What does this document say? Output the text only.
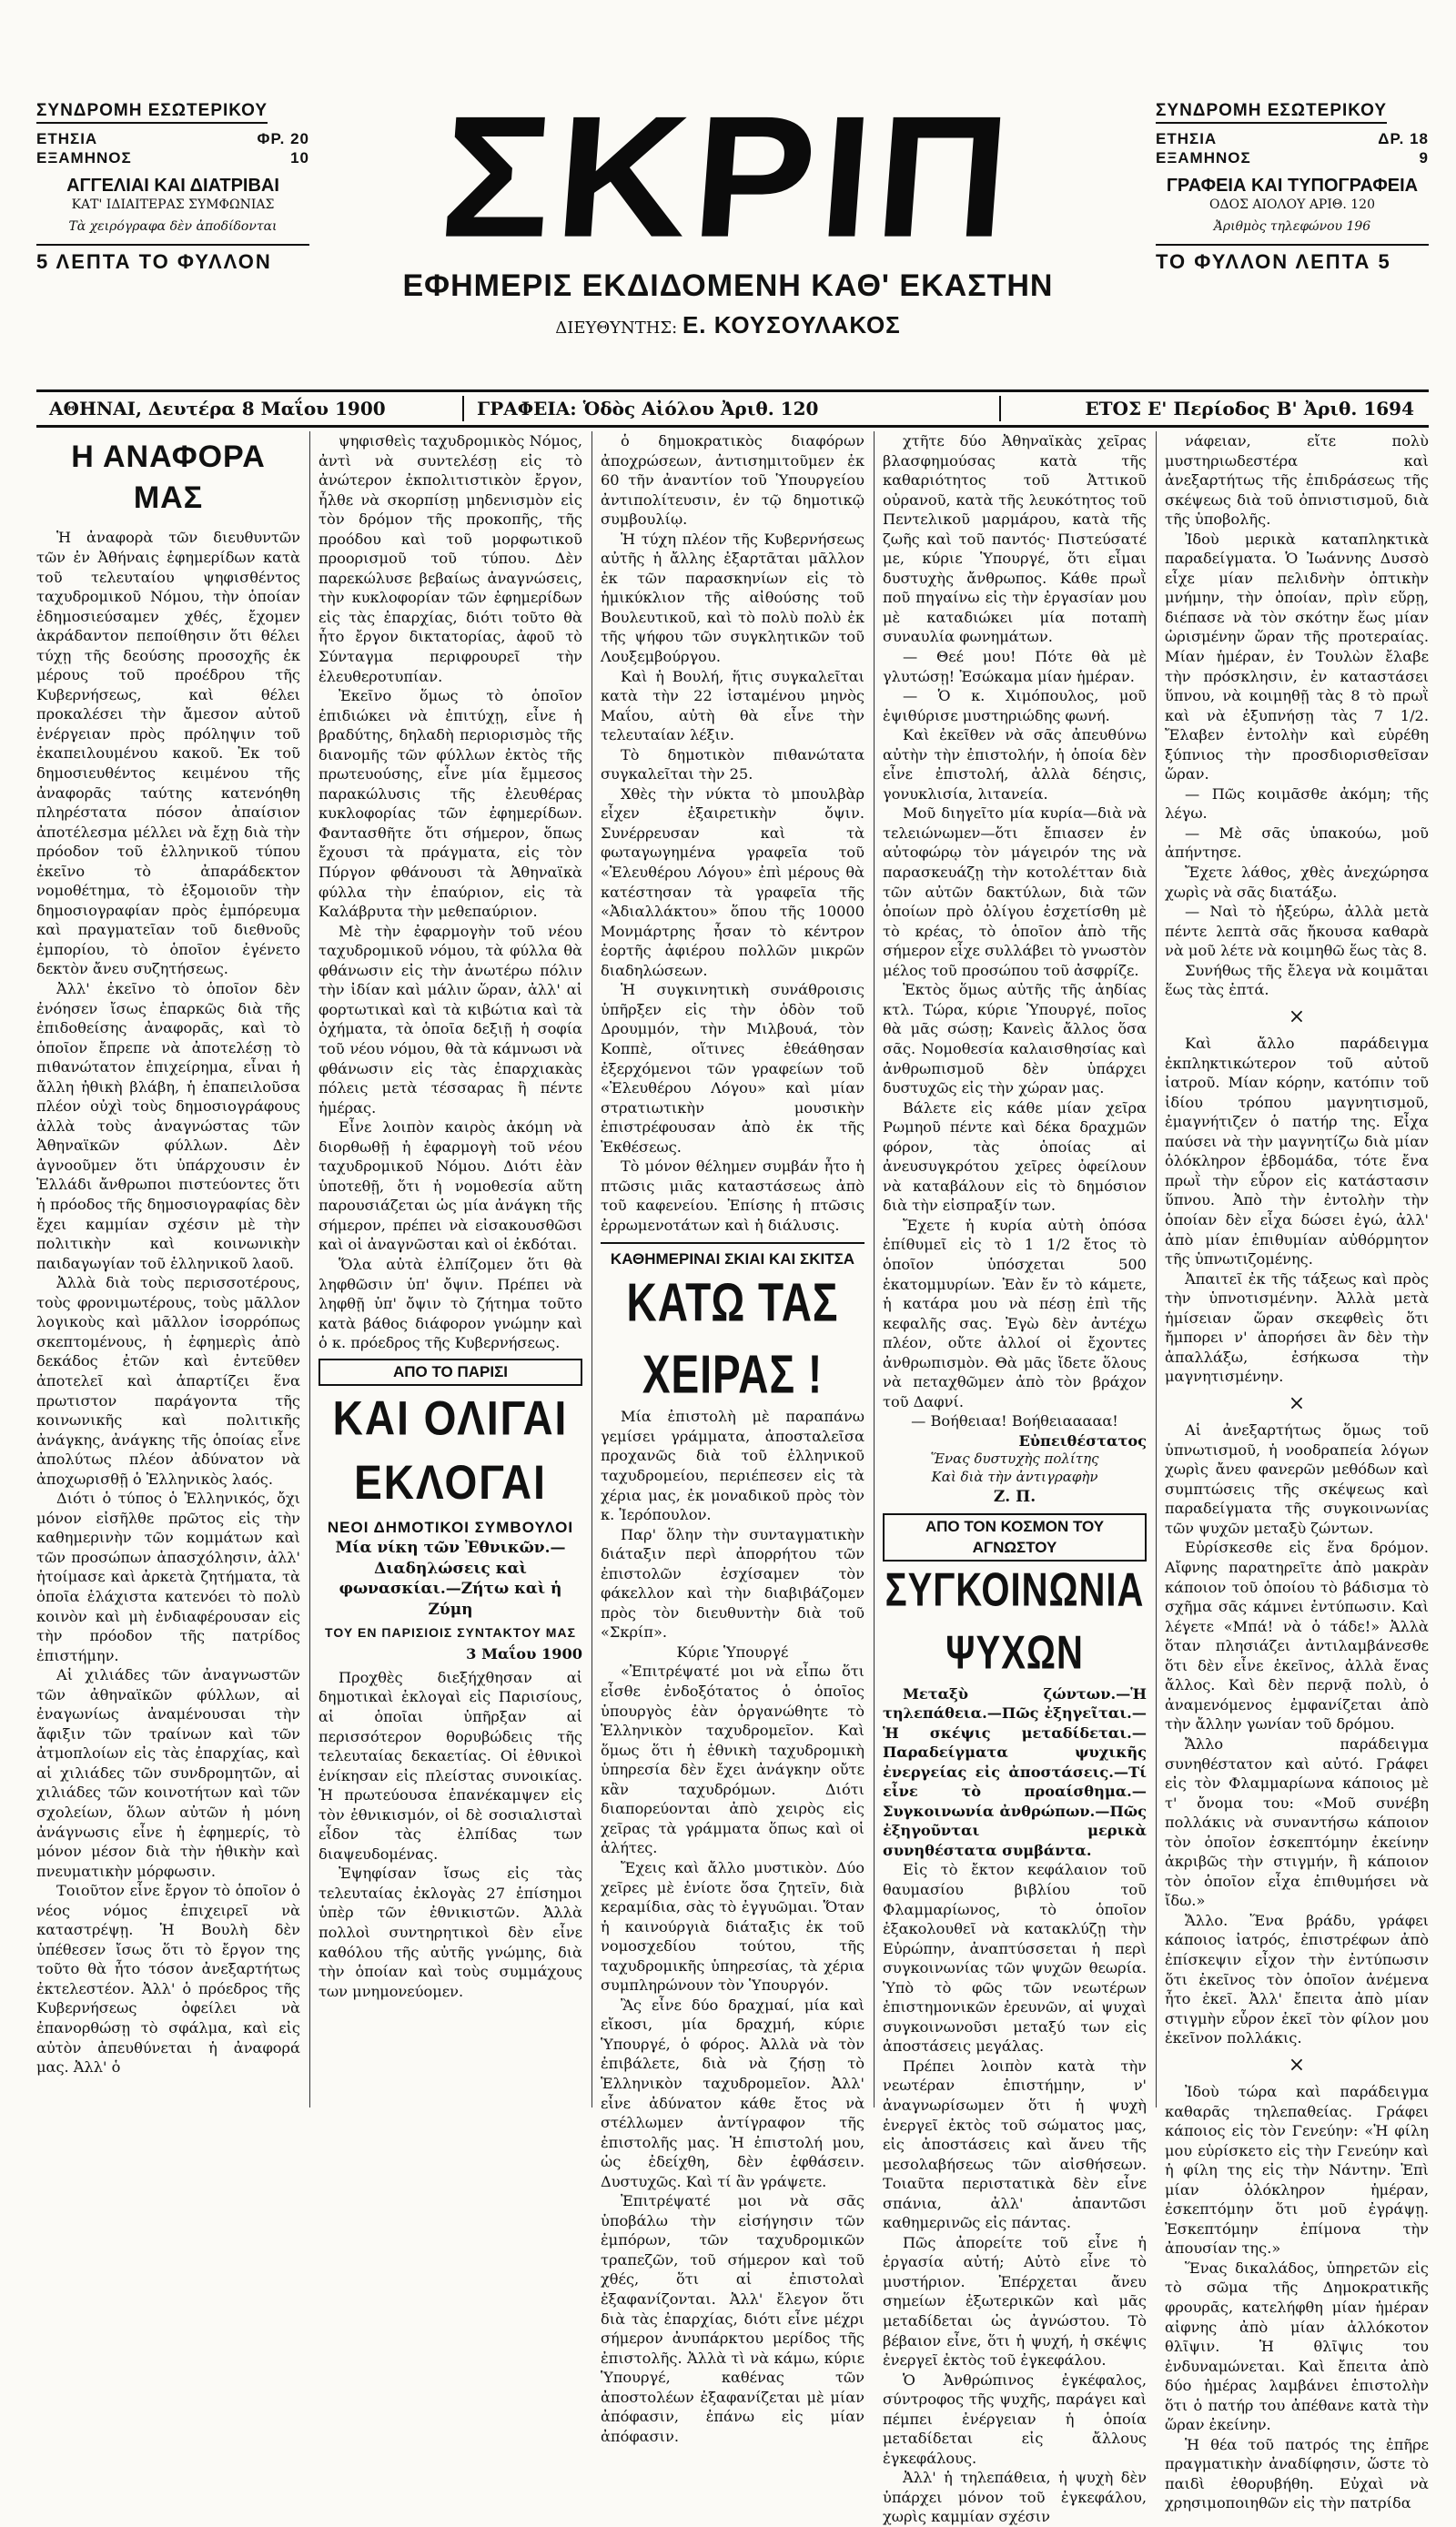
ΣΥΝΔΡΟΜΗ ΕΣΩΤΕΡΙΚΟΥ
ΕΤΗΣΙΑ	ΦΡ. 20
ΕΞΑΜΗΝΟΣ	10
ΑΓΓΕΛΙΑΙ ΚΑΙ ΔΙΑΤΡΙΒΑΙ
ΚΑΤ' ΙΔΙΑΙΤΕΡΑΣ ΣΥΜΦΩΝΙΑΣ
Τὰ χειρόγραφα δὲν ἀποδίδονται
5 ΛΕΠΤΑ ΤΟ ΦΥΛΛΟΝ ΣΚΡΙΠ
ΕΦΗΜΕΡΙΣ ΕΚΔΙΔΟΜΕΝΗ ΚΑΘ' ΕΚΑΣΤΗΝ
ΔΙΕΥΘΥΝΤΗΣ: Ε. ΚΟΥΣΟΥΛΑΚΟΣ
ΣΥΝΔΡΟΜΗ ΕΣΩΤΕΡΙΚΟΥ
ΕΤΗΣΙΑ	ΔΡ. 18
ΕΞΑΜΗΝΟΣ	9
ΓΡΑΦΕΙΑ ΚΑΙ ΤΥΠΟΓΡΑΦΕΙΑ
ΟΔΟΣ ΑΙΟΛΟΥ ΑΡΙΘ. 120
Ἀριθμὸς τηλεφώνου 196
ΤΟ ΦΥΛΛΟΝ ΛΕΠΤΑ 5
ΑΘΗΝΑΙ, Δευτέρα 8 Μαΐου 1900	ΓΡΑΦΕΙΑ: Ὁδὸς Αἰόλου Ἀριθ. 120	ΕΤΟΣ Ε' Περίοδος Β' Ἀριθ. 1694
Η ΑΝΑΦΟΡΑ ΜΑΣ

Ἡ ἀναφορὰ τῶν διευθυντῶν τῶν ἐν Ἀθήναις ἐφημερίδων κατὰ τοῦ τελευταίου ψηφισθέντος ταχυδρομικοῦ Νόμου, τὴν ὁποίαν ἐδημοσιεύσαμεν χθές, ἔχομεν ἀκράδαντον πεποίθησιν ὅτι θέλει τύχῃ τῆς δεούσης προσοχῆς ἐκ μέρους τοῦ προέδρου τῆς Κυβερνήσεως, καὶ θέλει προκαλέσει τὴν ἄμεσον αὐτοῦ ἐνέργειαν πρὸς πρόληψιν τοῦ ἐκαπειλουμένου κακοῦ. Ἐκ τοῦ δημοσιευθέντος κειμένου τῆς ἀναφορᾶς ταύτης κατενόηθη πληρέστατα πόσον ἀπαίσιον ἀποτέλεσμα μέλλει νὰ ἔχῃ διὰ τὴν πρόοδον τοῦ ἑλληνικοῦ τύπου ἐκεῖνο τὸ ἀπαράδεκτον νομοθέτημα, τὸ ἐξομοιοῦν τὴν δημοσιογραφίαν πρὸς ἐμπόρευμα καὶ πραγματεῖαν τοῦ διεθνοῦς ἐμπορίου, τὸ ὁποῖον ἐγένετο δεκτὸν ἄνευ συζητήσεως.

Ἀλλ' ἐκεῖνο τὸ ὁποῖον δὲν ἐνόησεν ἴσως ἐπαρκῶς διὰ τῆς ἐπιδοθείσης ἀναφορᾶς, καὶ τὸ ὁποῖον ἔπρεπε νὰ ἀποτελέσῃ τὸ πιθανώτατον ἐπιχείρημα, εἶναι ἡ ἄλλη ἠθικὴ βλάβη, ἡ ἐπαπειλοῦσα πλέον οὐχὶ τοὺς δημοσιογράφους ἀλλὰ τοὺς ἀναγνώστας τῶν Ἀθηναϊκῶν φύλλων. Δὲν ἀγνοοῦμεν ὅτι ὑπάρχουσιν ἐν Ἑλλάδι ἄνθρωποι πιστεύοντες ὅτι ἡ πρόοδος τῆς δημοσιογραφίας δὲν ἔχει καμμίαν σχέσιν μὲ τὴν πολιτικὴν καὶ κοινωνικὴν παιδαγωγίαν τοῦ ἑλληνικοῦ λαοῦ.

Ἀλλὰ διὰ τοὺς περισσοτέρους, τοὺς φρονιμωτέρους, τοὺς μᾶλλον λογικοὺς καὶ μᾶλλον ἰσορρόπως σκεπτομένους, ἡ ἐφημερὶς ἀπὸ δεκάδος ἐτῶν καὶ ἐντεῦθεν ἀποτελεῖ καὶ ἀπαρτίζει ἕνα πρωτιστον παράγοντα τῆς κοινωνικῆς καὶ πολιτικῆς ἀνάγκης, ἀνάγκης τῆς ὁποίας εἶνε ἀπολύτως πλέον ἀδύνατον νὰ ἀποχωρισθῇ ὁ Ἑλληνικὸς λαός.

Διότι ὁ τύπος ὁ Ἑλληνικός, ὄχι μόνον εἰσῆλθε πρῶτος εἰς τὴν καθημερινὴν τῶν κομμάτων καὶ τῶν προσώπων ἀπασχόλησιν, ἀλλ' ἠτοίμασε καὶ ἀρκετὰ ζητήματα, τὰ ὁποῖα ἐλάχιστα κατενόει τὸ πολὺ κοινὸν καὶ μὴ ἐνδιαφέρουσαν εἰς τὴν πρόοδον τῆς πατρίδος ἐπιστήμην.

Αἱ χιλιάδες τῶν ἀναγνωστῶν τῶν ἀθηναϊκῶν φύλλων, αἱ ἐναγωνίως ἀναμένουσαι τὴν ἄφιξιν τῶν τραίνων καὶ τῶν ἀτμοπλοίων εἰς τὰς ἐπαρχίας, καὶ αἱ χιλιάδες τῶν συνδρομητῶν, αἱ χιλιάδες τῶν κοινοτήτων καὶ τῶν σχολείων, ὅλων αὐτῶν ἡ μόνη ἀνάγνωσις εἶνε ἡ ἐφημερίς, τὸ μόνον μέσον διὰ τὴν ἠθικὴν καὶ πνευματικὴν μόρφωσιν.

Τοιοῦτον εἶνε ἔργον τὸ ὁποῖον ὁ νέος νόμος ἐπιχειρεῖ νὰ καταστρέψῃ. Ἡ Βουλὴ δὲν ὑπέθεσεν ἴσως ὅτι τὸ ἔργον της τοῦτο θὰ ἦτο τόσον ἀνεξαρτήτως ἐκτελεστέον. Ἀλλ' ὁ πρόεδρος τῆς Κυβερνήσεως ὀφείλει νὰ ἐπανορθώσῃ τὸ σφάλμα, καὶ εἰς αὐτὸν ἀπευθύνεται ἡ ἀναφορά μας. Ἀλλ' ὁ

ψηφισθεὶς ταχυδρομικὸς Νόμος, ἀντὶ νὰ συντελέσῃ εἰς τὸ ἀνώτερον ἐκπολιτιστικὸν ἔργον, ἦλθε νὰ σκορπίσῃ μηδενισμὸν εἰς τὸν δρόμον τῆς προκοπῆς, τῆς προόδου καὶ τοῦ μορφωτικοῦ προορισμοῦ τοῦ τύπου. Δὲν παρεκώλυσε βεβαίως ἀναγνώσεις, τὴν κυκλοφορίαν τῶν ἐφημερίδων εἰς τὰς ἐπαρχίας, διότι τοῦτο θὰ ἦτο ἔργον δικτατορίας, ἀφοῦ τὸ Σύνταγμα περιφρουρεῖ τὴν ἐλευθεροτυπίαν.

Ἐκεῖνο ὅμως τὸ ὁποῖον ἐπιδιώκει νὰ ἐπιτύχῃ, εἶνε ἡ βραδύτης, δηλαδὴ περιορισμὸς τῆς διανομῆς τῶν φύλλων ἐκτὸς τῆς πρωτευούσης, εἶνε μία ἔμμεσος παρακώλυσις τῆς ἐλευθέρας κυκλοφορίας τῶν ἐφημερίδων. Φαντασθῆτε ὅτι σήμερον, ὅπως ἔχουσι τὰ πράγματα, εἰς τὸν Πύργον φθάνουσι τὰ Ἀθηναϊκὰ φύλλα τὴν ἐπαύριον, εἰς τὰ Καλάβρυτα τὴν μεθεπαύριον.

Μὲ τὴν ἐφαρμογὴν τοῦ νέου ταχυδρομικοῦ νόμου, τὰ φύλλα θὰ φθάνωσιν εἰς τὴν ἀνωτέρω πόλιν τὴν ἰδίαν καὶ μάλιν ὥραν, ἀλλ' αἱ φορτωτικαὶ καὶ τὰ κιβώτια καὶ τὰ ὀχήματα, τὰ ὁποῖα δεξιῇ ἡ σοφία τοῦ νέου νόμου, θὰ τὰ κάμνωσι νὰ φθάνωσιν εἰς τὰς ἐπαρχιακὰς πόλεις μετὰ τέσσαρας ἢ πέντε ἡμέρας.

Εἶνε λοιπὸν καιρὸς ἀκόμη νὰ διορθωθῇ ἡ ἐφαρμογὴ τοῦ νέου ταχυδρομικοῦ Νόμου. Διότι ἐὰν ὑποτεθῇ, ὅτι ἡ νομοθεσία αὕτη παρουσιάζεται ὡς μία ἀνάγκη τῆς σήμερον, πρέπει νὰ εἰσακουσθῶσι καὶ οἱ ἀναγνῶσται καὶ οἱ ἐκδόται.

Ὅλα αὐτὰ ἐλπίζομεν ὅτι θὰ ληφθῶσιν ὑπ' ὄψιν. Πρέπει νὰ ληφθῇ ὑπ' ὄψιν τὸ ζήτημα τοῦτο κατὰ βάθος διάφορον γνώμην καὶ ὁ κ. πρόεδρος τῆς Κυβερνήσεως.

ΑΠΟ ΤΟ ΠΑΡΙΣΙ
ΚΑΙ ΟΛΙΓΑΙ ΕΚΛΟΓΑΙ
ΝΕΟΙ ΔΗΜΟΤΙΚΟΙ ΣΥΜΒΟΥΛΟΙ
Μία νίκη τῶν Ἐθνικῶν.—Διαδηλώσεις καὶ φωνασκίαι.—Ζήτω καὶ ἡ Ζύμη
ΤΟΥ ΕΝ ΠΑΡΙΣΙΟΙΣ ΣΥΝΤΑΚΤΟΥ ΜΑΣ
3 Μαΐου 1900

Προχθὲς διεξήχθησαν αἱ δημοτικαὶ ἐκλογαὶ εἰς Παρισίους, αἱ ὁποῖαι ὑπῆρξαν αἱ περισσότερον θορυβώδεις τῆς τελευταίας δεκαετίας. Οἱ ἐθνικοὶ ἐνίκησαν εἰς πλείστας συνοικίας. Ἡ πρωτεύουσα ἐπανέκαμψεν εἰς τὸν ἐθνικισμόν, οἱ δὲ σοσιαλισταὶ εἶδον τὰς ἐλπίδας των διαψευδομένας.

Ἐψηφίσαν ἴσως εἰς τὰς τελευταίας ἐκλογὰς 27 ἐπίσημοι ὑπὲρ τῶν ἐθνικιστῶν. Ἀλλὰ πολλοὶ συντηρητικοὶ δὲν εἶνε καθόλου τῆς αὐτῆς γνώμης, διὰ τὴν ὁποίαν καὶ τοὺς συμμάχους των μνημονεύομεν.

ὁ δημοκρατικὸς διαφόρων ἀποχρώσεων, ἀντισημιτοῦμεν ἐκ 60 τῆν ἀναντίον τοῦ Ὑπουργείου ἀντιπολίτευσιν, ἐν τῷ δημοτικῷ συμβουλίῳ.

Ἡ τύχη πλέον τῆς Κυβερνήσεως αὐτῆς ἡ ἄλλης ἐξαρτᾶται μᾶλλον ἐκ τῶν παρασκηνίων εἰς τὸ ἡμικύκλιον τῆς αἰθούσης τοῦ Βουλευτικοῦ, καὶ τὸ πολὺ πολὺ ἐκ τῆς ψήφου τῶν συγκλητικῶν τοῦ Λουξεμβούργου.

Καὶ ἡ Βουλή, ἥτις συγκαλεῖται κατὰ τὴν 22 ἰσταμένου μηνὸς Μαΐου, αὐτὴ θὰ εἶνε τὴν τελευταίαν λέξιν.

Τὸ δημοτικὸν πιθανώτατα συγκαλεῖται τὴν 25.

Χθὲς τὴν νύκτα τὸ μπουλβὰρ εἶχεν ἐξαιρετικὴν ὄψιν. Συνέρρευσαν καὶ τὰ φωταγωγημένα γραφεῖα τοῦ «Ἐλευθέρου Λόγου» ἐπὶ μέρους θὰ κατέστησαν τὰ γραφεῖα τῆς «Ἀδιαλλάκτου» ὅπου τῆς 10000 Μονμάρτρης ἦσαν τὸ κέντρον ἑορτῆς ἀφιέρου πολλῶν μικρῶν διαδηλώσεων.

Ἡ συγκινητικὴ συνάθροισις ὑπῆρξεν εἰς τὴν ὁδὸν τοῦ Δρουμμόν, τὴν Μιλβουά, τὸν Κοππὲ, οἵτινες ἐθεάθησαν ἐξερχόμενοι τῶν γραφείων τοῦ «Ἐλευθέρου Λόγου» καὶ μίαν στρατιωτικὴν μουσικὴν ἐπιστρέφουσαν ἀπὸ ἐκ τῆς Ἐκθέσεως.

Τὸ μόνον θέλημεν συμβάν ἦτο ἡ πτῶσις μιᾶς καταστάσεως ἀπὸ τοῦ καφενείου. Ἐπίσης ἡ πτῶσις ἐρρωμενοτάτων καὶ ἡ διάλυσις.

ΚΑΘΗΜΕΡΙΝΑΙ ΣΚΙΑΙ ΚΑΙ ΣΚΙΤΣΑ
ΚΑΤΩ ΤΑΣ ΧΕΙΡΑΣ !

Μία ἐπιστολὴ μὲ παραπάνω γεμίσει γράμματα, ἀποσταλεῖσα προχανῶς διὰ τοῦ ἐλληνικοῦ ταχυδρομείου, περιέπεσεν εἰς τὰ χέρια μας, ἐκ μοναδικοῦ πρὸς τὸν κ. Ἱερόπουλον.

Παρ' ὅλην τὴν συνταγματικὴν διάταξιν περὶ ἀπορρήτου τῶν ἐπιστολῶν ἐσχίσαμεν τὸν φάκελλον καὶ τὴν διαβιβάζομεν πρὸς τὸν διευθυντὴν διὰ τοῦ «Σκρίπ».

Κύριε Ὑπουργέ

«Ἐπιτρέψατέ μοι νὰ εἶπω ὅτι εἶσθε ἐνδοξότατος ὁ ὁποῖος ὑπουργὸς ἐὰν ὀργανώθητε τὸ Ἑλληνικὸν ταχυδρομεῖον. Καὶ ὅμως ὅτι ἡ ἐθνικὴ ταχυδρομικὴ ὑπηρεσία δὲν ἔχει ἀνάγκην οὔτε κἂν ταχυδρόμων. Διότι διαπορεύονται ἀπὸ χειρὸς εἰς χεῖρας τὰ γράμματα ὅπως καὶ οἱ ἀλήτες.

Ἔχεις καὶ ἄλλο μυστικὸν. Δύο χεῖρες μὲ ἐνίοτε ὅσα ζητεῖν, διὰ κεραμίδια, σὰς τὸ ἐγγυῶμαι. Ὅταν ἡ καινούργιὰ διάταξις ἐκ τοῦ νομοσχεδίου τούτου, τῆς ταχυδρομικῆς ὑπηρεσίας, τὰ χέρια συμπληρώνουν τὸν Ὑπουργόν.

Ἂς εἶνε δύο δραχμαί, μία καὶ εἴκοσι, μία δραχμή, κύριε Ὑπουργέ, ὁ φόρος. Ἀλλὰ νὰ τὸν ἐπιβάλετε, διὰ νὰ ζήσῃ τὸ Ἑλληνικὸν ταχυδρομεῖον. Ἀλλ' εἶνε ἀδύνατον κάθε ἔτος νὰ στέλλωμεν ἀντίγραφον τῆς ἐπιστολῆς μας. Ἡ ἐπιστολή μου, ὡς ἐδείχθη, δὲν ἐφθάσειν. Δυστυχῶς. Καὶ τί ἂν γράψετε.

Ἐπιτρέψατέ μοι νὰ σᾶς ὑποβάλω τὴν εἰσήγησιν τῶν ἐμπόρων, τῶν ταχυδρομικῶν τραπεζῶν, τοῦ σήμερον καὶ τοῦ χθές, ὅτι αἱ ἐπιστολαὶ ἐξαφανίζονται. Ἀλλ' ἔλεγον ὅτι διὰ τὰς ἐπαρχίας, διότι εἶνε μέχρι σήμερον ἀνυπάρκτου μερίδος τῆς ἐπιστολῆς. Ἀλλὰ τὶ νὰ κάμω, κύριε Ὑπουργέ, καθένας τῶν ἀποστολέων ἐξαφανίζεται μὲ μίαν ἀπόφασιν, ἐπάνω εἰς μίαν ἀπόφασιν.

χτῆτε δύο Ἀθηναϊκὰς χεῖρας βλασφημούσας κατὰ τῆς καθαριότητος τοῦ Ἀττικοῦ οὐρανοῦ, κατὰ τῆς λευκότητος τοῦ Πεντελικοῦ μαρμάρου, κατὰ τῆς ζωῆς καὶ τοῦ παντός· Πιστεύσατέ με, κύριε Ὑπουργέ, ὅτι εἶμαι δυστυχὴς ἄνθρωπος. Κάθε πρωῒ ποῦ πηγαίνω εἰς τὴν ἐργασίαν μου μὲ καταδιώκει μία ποταπὴ συναυλία φωνημάτων.

— Θεέ μου! Πότε θὰ μὲ γλυτώσῃ! Ἐσώκαμα μίαν ἡμέραν.

— Ὁ κ. Χιμόπουλος, μοῦ ἐψιθύρισε μυστηριώδης φωνή.

Καὶ ἐκεῖθεν νὰ σᾶς ἀπευθύνω αὐτὴν τὴν ἐπιστολήν, ἡ ὁποία δὲν εἶνε ἐπιστολή, ἀλλὰ δέησις, γονυκλισία, λιτανεία.

Μοῦ διηγεῖτο μία κυρία—διὰ νὰ τελειώνωμεν—ὅτι ἔπιασεν ἐν αὐτοφώρῳ τὸν μάγειρόν της νὰ παρασκευάζῃ τὴν κοτολέτταν διὰ τῶν αὐτῶν δακτύλων, διὰ τῶν ὁποίων πρὸ ὀλίγου ἐσχετίσθη μὲ τὸ κρέας, τὸ ὁποῖον ἀπὸ τῆς σήμερον εἶχε συλλάβει τὸ γνωστὸν μέλος τοῦ προσώπου τοῦ ἀσφρίζε.

Ἐκτὸς ὅμως αὐτῆς τῆς ἀηδίας κτλ. Τώρα, κύριε Ὑπουργέ, ποῖος θὰ μᾶς σώσῃ; Κανεὶς ἄλλος ὅσα σᾶς. Νομοθεσία καλαισθησίας καὶ ἀνθρωπισμοῦ δὲν ὑπάρχει δυστυχῶς εἰς τὴν χώραν μας.

Βάλετε εἰς κάθε μίαν χεῖρα Ρωμηοῦ πέντε καὶ δέκα δραχμῶν φόρον, τὰς ὁποίας αἱ ἀνευσυγκρότου χεῖρες ὀφείλουν νὰ καταβάλουν εἰς τὸ δημόσιον διὰ τὴν εἰσπραξίν των.

Ἔχετε ἡ κυρία αὐτὴ ὁπόσα ἐπίθυμεῖ εἰς τὸ 1 1/2 ἔτος τὸ ὁποῖον ὑπόσχεται 500 ἑκατομμυρίων. Ἐὰν ἔν τὸ κάμετε, ἡ κατάρα μου νὰ πέσῃ ἐπὶ τῆς κεφαλῆς σας. Ἐγὼ δὲν ἀντέχω πλέον, οὔτε ἀλλοί οἱ ἔχοντες ἀνθρωπισμὸν. Θὰ μᾶς ἴδετε ὅλους νὰ πεταχθῶμεν ἀπὸ τὸν βράχον τοῦ Δαφνί.

— Βοήθειαα! Βοήθειααααα!

Εὐπειθέστατος
Ἕνας δυστυχὴς πολίτης
Καὶ διὰ τὴν ἀντιγραφὴν
Ζ. Π.
ΑΠΟ ΤΟΝ ΚΟΣΜΟΝ ΤΟΥ ΑΓΝΩΣΤΟΥ
ΣΥΓΚΟΙΝΩΝΙΑ ΨΥΧΩΝ

Μεταξὺ ζώντων.—Ἡ τηλεπάθεια.—Πῶς ἐξηγεῖται.—Ἡ σκέψις μεταδίδεται.—Παραδείγματα ψυχικῆς ἐνεργείας εἰς ἀποστάσεις.—Τί εἶνε τὸ προαίσθημα.—Συγκοινωνία ἀνθρώπων.—Πῶς ἐξηγοῦνται μερικὰ συνηθέστατα συμβάντα.

Εἰς τὸ ἔκτον κεφάλαιον τοῦ θαυμασίου βιβλίου τοῦ Φλαμμαρίωνος, τὸ ὁποῖον ἐξακολουθεῖ νὰ κατακλύζῃ τὴν Εὐρώπην, ἀναπτύσσεται ἡ περὶ συγκοινωνίας τῶν ψυχῶν θεωρία. Ὑπὸ τὸ φῶς τῶν νεωτέρων ἐπιστημονικῶν ἐρευνῶν, αἱ ψυχαὶ συγκοινωνοῦσι μεταξύ των εἰς ἀποστάσεις μεγάλας.

Πρέπει λοιπὸν κατὰ τὴν νεωτέραν ἐπιστήμην, ν' ἀναγνωρίσωμεν ὅτι ἡ ψυχὴ ἐνεργεῖ ἐκτὸς τοῦ σώματος μας, εἰς ἀποστάσεις καὶ ἄνευ τῆς μεσολαβήσεως τῶν αἰσθήσεων. Τοιαῦτα περιστατικὰ δὲν εἶνε σπάνια, ἀλλ' ἀπαντῶσι καθημερινῶς εἰς πάντας.

Πῶς ἀπορείτε τοῦ εἶνε ἡ ἐργασία αὐτή; Αὐτὸ εἶνε τὸ μυστήριον. Ἐπέρχεται ἄνευ σημείων ἐξωτερικῶν καὶ μᾶς μεταδίδεται ὡς ἀγνώστου. Τὸ βέβαιον εἶνε, ὅτι ἡ ψυχή, ἡ σκέψις ἐνεργεῖ ἐκτὸς τοῦ ἐγκεφάλου.

Ὁ Ἀνθρώπινος ἐγκέφαλος, σύντροφος τῆς ψυχῆς, παράγει καὶ πέμπει ἐνέργειαν ἡ ὁποία μεταδίδεται εἰς ἄλλους ἐγκεφάλους.

Ἀλλ' ἡ τηλεπάθεια, ἡ ψυχὴ δὲν ὑπάρχει μόνον τοῦ ἐγκεφάλου, χωρὶς καμμίαν σχέσιν

νάφειαν, εἴτε πολὺ μυστηριωδεστέρα καὶ ἀνεξαρτήτως τῆς ἐπιδράσεως τῆς σκέψεως διὰ τοῦ ὀπνιστισμοῦ, διὰ τῆς ὑποβολῆς.

Ἰδοὺ μερικὰ καταπληκτικὰ παραδείγματα. Ὁ Ἰωάννης Δυσσὸ εἶχε μίαν πελιδνὴν ὀπτικὴν μνήμην, τὴν ὁποίαν, πρὶν εὕρῃ, διέπασε νὰ τὸν σκότην ἕως μίαν ὡρισμένην ὥραν τῆς προτεραίας. Μίαν ἡμέραν, ἐν Τουλὼν ἔλαβε τὴν πρόσκλησιν, ἐν καταστάσει ὕπνου, νὰ κοιμηθῇ τὰς 8 τὸ πρωῒ καὶ νὰ ἐξυπνήσῃ τὰς 7 1/2. Ἔλαβεν ἐντολὴν καὶ εὑρέθη ξύπνιος τὴν προσδιορισθεῖσαν ὥραν.

— Πῶς κοιμᾶσθε ἀκόμη; τῆς λέγω.

— Μὲ σᾶς ὑπακούω, μοῦ ἀπήντησε.

Ἔχετε λάθος, χθὲς ἀνεχώρησα χωρὶς νὰ σᾶς διατάξω.

— Ναὶ τὸ ἠξεύρω, ἀλλὰ μετὰ πέντε λεπτὰ σᾶς ἤκουσα καθαρὰ νὰ μοῦ λέτε νὰ κοιμηθῶ ἕως τὰς 8.

Συνήθως τῆς ἔλεγα νὰ κοιμᾶται ἕως τὰς ἑπτά.

×

Καὶ ἄλλο παράδειγμα ἐκπληκτικώτερον τοῦ αὐτοῦ ἰατροῦ. Μίαν κόρην, κατόπιν τοῦ ἰδίου τρόπου μαγνητισμοῦ, ἐμαγνήτιζεν ὁ πατήρ της. Εἶχα παύσει νὰ τὴν μαγνητίζω διὰ μίαν ὁλόκληρον ἑβδομάδα, τότε ἔνα πρωῒ τὴν εὗρον εἰς κατάστασιν ὕπνου. Ἀπὸ τὴν ἐντολὴν τὴν ὁποίαν δὲν εἶχα δώσει ἐγώ, ἀλλ' ἀπὸ μίαν ἐπιθυμίαν αὐθόρμητον τῆς ὑπνωτιζομένης.

Ἀπαιτεῖ ἐκ τῆς τάξεως καὶ πρὸς τὴν ὑπνοτισμένην. Ἀλλὰ μετὰ ἡμίσειαν ὥραν σκεφθεὶς ὅτι ἤμπορει ν' ἀπορήσει ἂν δὲν τὴν ἀπαλλάξω, ἐσήκωσα τὴν μαγνητισμένην.

×

Αἱ ἀνεξαρτήτως ὅμως τοῦ ὑπνωτισμοῦ, ἡ νοοδραπεία λόγων χωρὶς ἄνευ φανερῶν μεθόδων καὶ συμπτώσεις τῆς σκέψεως καὶ παραδείγματα τῆς συγκοινωνίας τῶν ψυχῶν μεταξὺ ζώντων.

Εὐρίσκεσθε εἰς ἕνα δρόμον. Αἴφνης παρατηρεῖτε ἀπὸ μακρὰν κάποιον τοῦ ὁποίου τὸ βάδισμα τὸ σχῆμα σᾶς κάμνει ἐντύπωσιν. Καὶ λέγετε «Μπά! νὰ ὁ τάδε!» Ἀλλὰ ὅταν πλησιάζει ἀντιλαμβάνεσθε ὅτι δὲν εἶνε ἐκεῖνος, ἀλλὰ ἕνας ἄλλος. Καὶ δὲν περνᾷ πολὺ, ὁ ἀναμενόμενος ἐμφανίζεται ἀπὸ τὴν ἄλλην γωνίαν τοῦ δρόμου.

Ἄλλο παράδειγμα συνηθέστατον καὶ αὐτό. Γράφει εἰς τὸν Φλαμμαρίωνα κάποιος μὲ τ' ὄνομα του: «Μοῦ συνέβη πολλάκις νὰ συναντήσω κάποιον τὸν ὁποῖον ἐσκεπτόμην ἐκείνην ἀκριβῶς τὴν στιγμήν, ἢ κάποιον τὸν ὁποῖον εἶχα ἐπιθυμήσει νὰ ἴδω.»

Ἄλλο. Ἕνα βράδυ, γράφει κάποιος ἰατρός, ἐπιστρέφων ἀπὸ ἐπίσκεψιν εἶχον τὴν ἐντύπωσιν ὅτι ἐκεῖνος τὸν ὁποῖον ἀνέμενα ἦτο ἐκεῖ. Ἀλλ' ἔπειτα ἀπὸ μίαν στιγμὴν εὗρον ἐκεῖ τὸν φίλον μου ἐκεῖνον πολλάκις.

×

Ἰδοὺ τώρα καὶ παράδειγμα καθαρᾶς τηλεπαθείας. Γράφει κάποιος εἰς τὸν Γενεύην: «Ἡ φίλη μου εὑρίσκετο εἰς τὴν Γενεύην καὶ ἡ φίλη της εἰς τὴν Νάντην. Ἐπὶ μίαν ὁλόκληρον ἡμέραν, ἐσκεπτόμην ὅτι μοῦ ἐγράψῃ. Ἐσκεπτόμην ἐπίμονα τὴν ἀπουσίαν της.»

Ἕνας δικαλάδος, ὑπηρετῶν εἰς τὸ σῶμα τῆς Δημοκρατικῆς φρουρᾶς, κατελήφθη μίαν ἡμέραν αἰφνης ἀπὸ μίαν ἀλλόκοτον θλῖψιν. Ἡ θλῖψις του ἐνδυναμώνεται. Καὶ ἔπειτα ἀπὸ δύο ἡμέρας λαμβάνει ἐπιστολὴν ὅτι ὁ πατήρ του ἀπέθανε κατὰ τὴν ὥραν ἐκείνην.

Ἡ θέα τοῦ πατρός της ἐπῆρε πραγματικὴν ἀναδίφησιν, ὥστε τὸ παιδὶ ἐθορυβήθη. Εὐχαὶ νὰ χρησιμοποιηθῶν εἰς τὴν πατρίδα
